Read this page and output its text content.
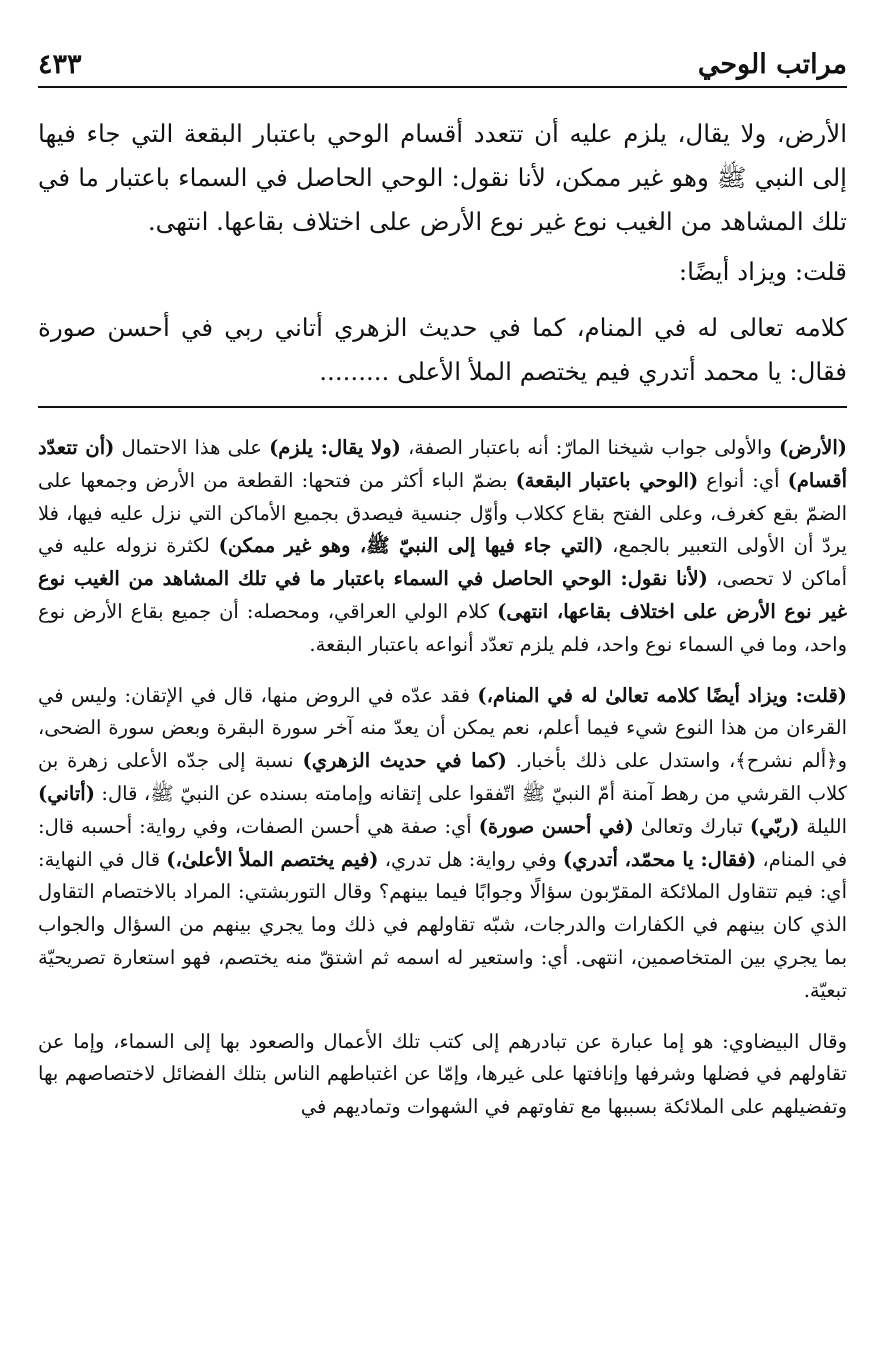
مراتب الوحي
٤٣٣

الأرض، ولا يقال، يلزم عليه أن تتعدد أقسام الوحي باعتبار البقعة التي جاء فيها إلى النبي ﷺ وهو غير ممكن، لأنا نقول: الوحي الحاصل في السماء باعتبار ما في تلك المشاهد من الغيب نوع غير نوع الأرض على اختلاف بقاعها. انتهى.

قلت: ويزاد أيضًا:

كلامه تعالى له في المنام، كما في حديث الزهري أتاني ربي في أحسن صورة فقال: يا محمد أتدري فيم يختصم الملأ الأعلى .........

(الأرض) والأولى جواب شيخنا المارّ: أنه باعتبار الصفة، (ولا يقال: يلزم) على هذا الاحتمال (أن تتعدّد أقسام) أي: أنواع (الوحي باعتبار البقعة) بضمّ الباء أكثر من فتحها: القطعة من الأرض وجمعها على الضمّ بقع كغرف، وعلى الفتح بقاع ككلاب وأوّل جنسية فيصدق بجميع الأماكن التي نزل عليه فيها، فلا يردّ أن الأولى التعبير بالجمع، (التي جاء فيها إلى النبيّ ﷺ، وهو غير ممكن) لكثرة نزوله عليه في أماكن لا تحصى، (لأنا نقول: الوحي الحاصل في السماء باعتبار ما في تلك المشاهد من الغيب نوع غير نوع الأرض على اختلاف بقاعها، انتهى) كلام الولي العراقي، ومحصله: أن جميع بقاع الأرض نوع واحد، وما في السماء نوع واحد، فلم يلزم تعدّد أنواعه باعتبار البقعة.

(قلت: ويزاد أيضًا كلامه تعالىٰ له في المنام،) فقد عدّه في الروض منها، قال في الإتقان: وليس في القرءان من هذا النوع شيء فيما أعلم، نعم يمكن أن يعدّ منه آخر سورة البقرة وبعض سورة الضحى، و﴿ألم نشرح﴾، واستدل على ذلك بأخبار. (كما في حديث الزهري) نسبة إلى جدّه الأعلى زهرة بن كلاب القرشي من رهط آمنة أمّ النبيّ ﷺ اتّفقوا على إتقانه وإمامته بسنده عن النبيّ ﷺ، قال: (أتاني) الليلة (ربّي) تبارك وتعالىٰ (في أحسن صورة) أي: صفة هي أحسن الصفات، وفي رواية: أحسبه قال: في المنام، (فقال: يا محمّد، أتدري) وفي رواية: هل تدري، (فيم يختصم الملأ الأعلىٰ،) قال في النهاية: أي: فيم تتقاول الملائكة المقرّبون سؤالًا وجوابًا فيما بينهم؟ وقال التوربشتي: المراد بالاختصام التقاول الذي كان بينهم في الكفارات والدرجات، شبّه تقاولهم في ذلك وما يجري بينهم من السؤال والجواب بما يجري بين المتخاصمين، انتهى. أي: واستعير له اسمه ثم اشتقّ منه يختصم، فهو استعارة تصريحيّة تبعيّة.

وقال البيضاوي: هو إما عبارة عن تبادرهم إلى كتب تلك الأعمال والصعود بها إلى السماء، وإما عن تقاولهم في فضلها وشرفها وإنافتها على غيرها، وإمّا عن اغتباطهم الناس بتلك الفضائل لاختصاصهم بها وتفضيلهم على الملائكة بسببها مع تفاوتهم في الشهوات وتماديهم في
